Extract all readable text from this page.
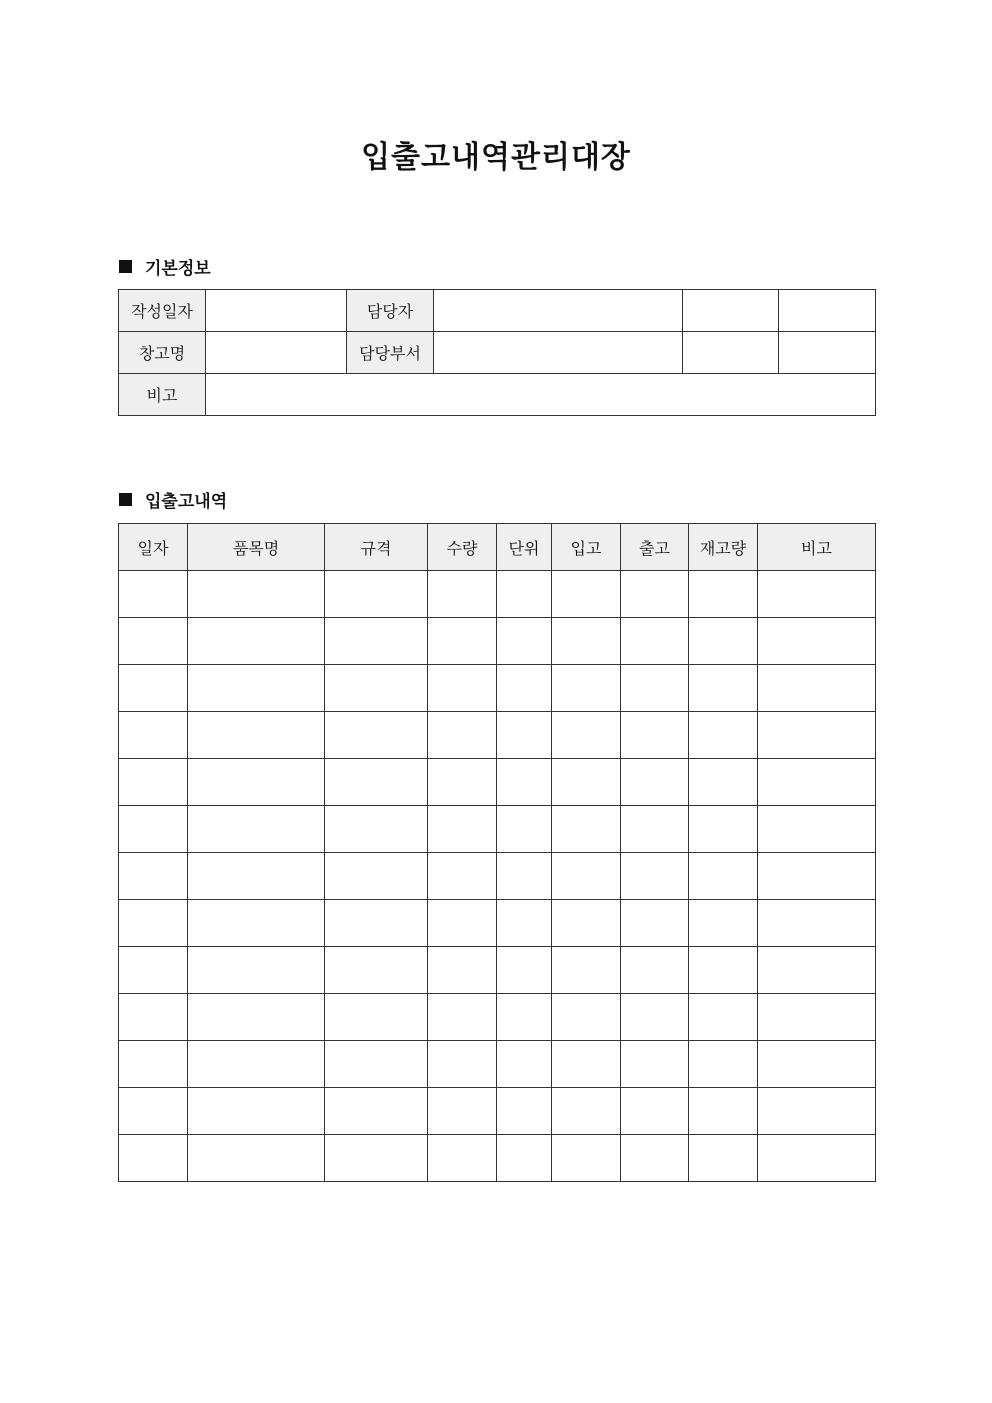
입출고내역관리대장
기본정보
작성일자		담당자			
창고명		담당부서			
비고					
입출고내역
일자	품목명	규격	수량	단위	입고	출고	재고량	비고
